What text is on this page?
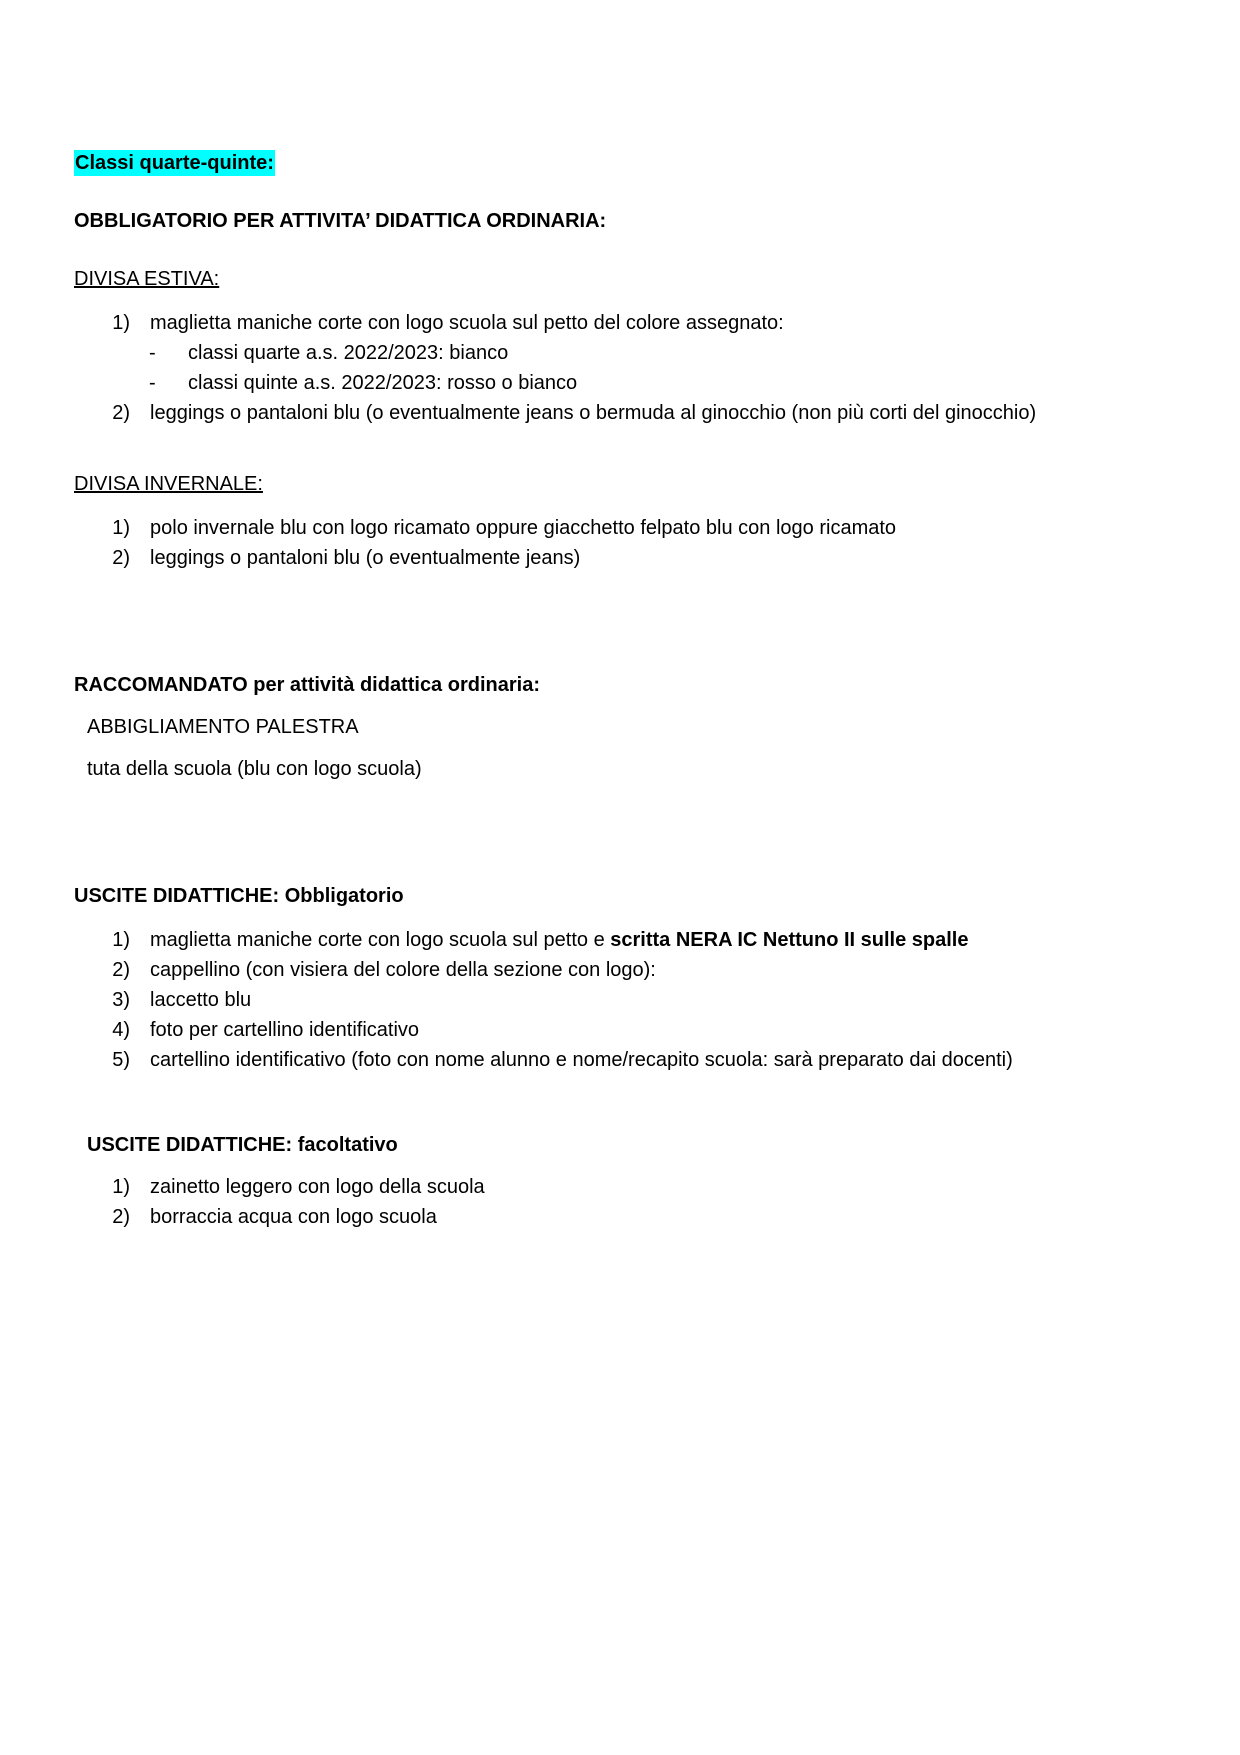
Classi quarte-quinte:
OBBLIGATORIO PER ATTIVITA’ DIDATTICA ORDINARIA:
DIVISA ESTIVA:
1) maglietta maniche corte con logo scuola sul petto del colore assegnato:
- classi quarte a.s. 2022/2023: bianco
- classi quinte a.s. 2022/2023: rosso o bianco
2) leggings o pantaloni blu (o eventualmente jeans o bermuda al ginocchio (non più corti del ginocchio)
DIVISA INVERNALE:
1) polo invernale blu con logo ricamato oppure giacchetto felpato blu con logo ricamato
2) leggings o pantaloni blu (o eventualmente jeans)
RACCOMANDATO per attività didattica ordinaria:
ABBIGLIAMENTO PALESTRA
tuta della scuola (blu con logo scuola)
USCITE DIDATTICHE: Obbligatorio
1) maglietta maniche corte con logo scuola sul petto e scritta NERA IC Nettuno II sulle spalle
2) cappellino (con visiera del colore della sezione con logo):
3) laccetto blu
4) foto per cartellino identificativo
5) cartellino identificativo (foto con nome alunno e nome/recapito scuola: sarà preparato dai docenti)
USCITE DIDATTICHE: facoltativo
1) zainetto leggero con logo della scuola
2) borraccia acqua con logo scuola
